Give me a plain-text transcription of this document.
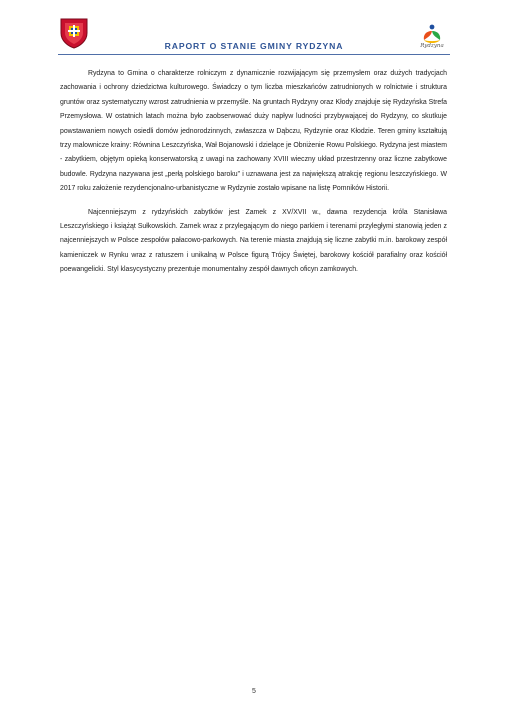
RAPORT O STANIE GMINY RYDZYNA	Rydzyna

Rydzyna to Gmina o charakterze rolniczym z dynamicznie rozwijającym się przemysłem oraz dużych tradycjach zachowania i ochrony dziedzictwa kulturowego. Świadczy o tym liczba mieszkańców zatrudnionych w rolnictwie i struktura gruntów oraz systematyczny wzrost zatrudnienia w przemyśle. Na gruntach Rydzyny oraz Kłody znajduje się Rydzyńska Strefa Przemysłowa. W ostatnich latach można było zaobserwować duży napływ ludności przybywającej do Rydzyny, co skutkuje powstawaniem nowych osiedli domów jednorodzinnych, zwłaszcza w Dąbczu, Rydzynie oraz Kłodzie. Teren gminy kształtują trzy malownicze krainy: Równina Leszczyńska, Wał Bojanowski i dzielące je Obniżenie Rowu Polskiego. Rydzyna jest miastem - zabytkiem, objętym opieką konserwatorską z uwagi na zachowany XVIII wieczny układ przestrzenny oraz liczne zabytkowe budowle. Rydzyna nazywana jest „perłą polskiego baroku” i uznawana jest za największą atrakcję regionu leszczyńskiego. W 2017 roku założenie rezydencjonalno-urbanistyczne w Rydzynie zostało wpisane na listę Pomników Historii.

Najcenniejszym z rydzyńskich zabytków jest Zamek z XV/XVII w., dawna rezydencja króla Stanisława Leszczyńskiego i książąt Sułkowskich. Zamek wraz z przylegającym do niego parkiem i terenami przyległymi stanowią jeden z najcenniejszych w Polsce zespołów pałacowo-parkowych. Na terenie miasta znajdują się liczne zabytki m.in. barokowy zespół kamieniczek w Rynku wraz z ratuszem i unikalną w Polsce figurą Trójcy Świętej, barokowy kościół parafialny oraz kościół poewangelicki. Styl klasycystyczny prezentuje monumentalny zespół dawnych oficyn zamkowych.

5
